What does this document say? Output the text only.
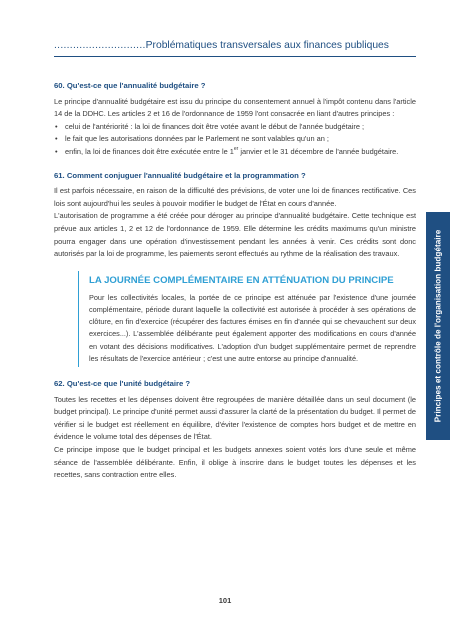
.............................Problématiques transversales aux finances publiques
60. Qu'est-ce que l'annualité budgétaire ?

Le principe d'annualité budgétaire est issu du principe du consentement annuel à l'impôt contenu dans l'article 14 de la DDHC. Les articles 2 et 16 de l'ordonnance de 1959 l'ont consacrée en liant d'autres principes :

• celui de l'antériorité : la loi de finances doit être votée avant le début de l'année budgétaire ;
• le fait que les autorisations données par le Parlement ne sont valables qu'un an ;
• enfin, la loi de finances doit être exécutée entre le 1er janvier et le 31 décembre de l'année budgétaire.
61. Comment conjuguer l'annualité budgétaire et la programmation ?

Il est parfois nécessaire, en raison de la difficulté des prévisions, de voter une loi de finances rectificative. Ces lois sont aujourd'hui les seules à pouvoir modifier le budget de l'État en cours d'année.

L'autorisation de programme a été créée pour déroger au principe d'annualité budgétaire. Cette technique est prévue aux articles 1, 2 et 12 de l'ordonnance de 1959. Elle détermine les crédits maximums qu'un ministre pourra engager dans une opération d'investissement pendant les années à venir. Ces crédits sont donc autorisés par la loi de programme, les paiements seront effectués au rythme de la réalisation des travaux.

LA JOURNÉE COMPLÉMENTAIRE EN ATTÉNUATION DU PRINCIPE

Pour les collectivités locales, la portée de ce principe est atténuée par l'existence d'une journée complémentaire, période durant laquelle la collectivité est autorisée à procéder à ses opérations de clôture, en fin d'exercice (récupérer des factures émises en fin d'année qui se chevauchent sur deux exercices...). L'assemblée délibérante peut également apporter des modifications en cours d'année en votant des décisions modificatives. L'adoption d'un budget supplémentaire permet de reprendre les résultats de l'exercice antérieur ; c'est une autre entorse au principe d'annualité.

62. Qu'est-ce que l'unité budgétaire ?

Toutes les recettes et les dépenses doivent être regroupées de manière détaillée dans un seul document (le budget principal). Le principe d'unité permet aussi d'assurer la clarté de la présentation du budget. Il permet de vérifier si le budget est réellement en équilibre, d'éviter l'existence de comptes hors budget et de mettre en évidence le volume total des dépenses de l'État.

Ce principe impose que le budget principal et les budgets annexes soient votés lors d'une seule et même séance de l'assemblée délibérante. Enfin, il oblige à inscrire dans le budget toutes les dépenses et les recettes, sans contraction entre elles.

Principes et contrôle de l'organisation budgétaire
101
